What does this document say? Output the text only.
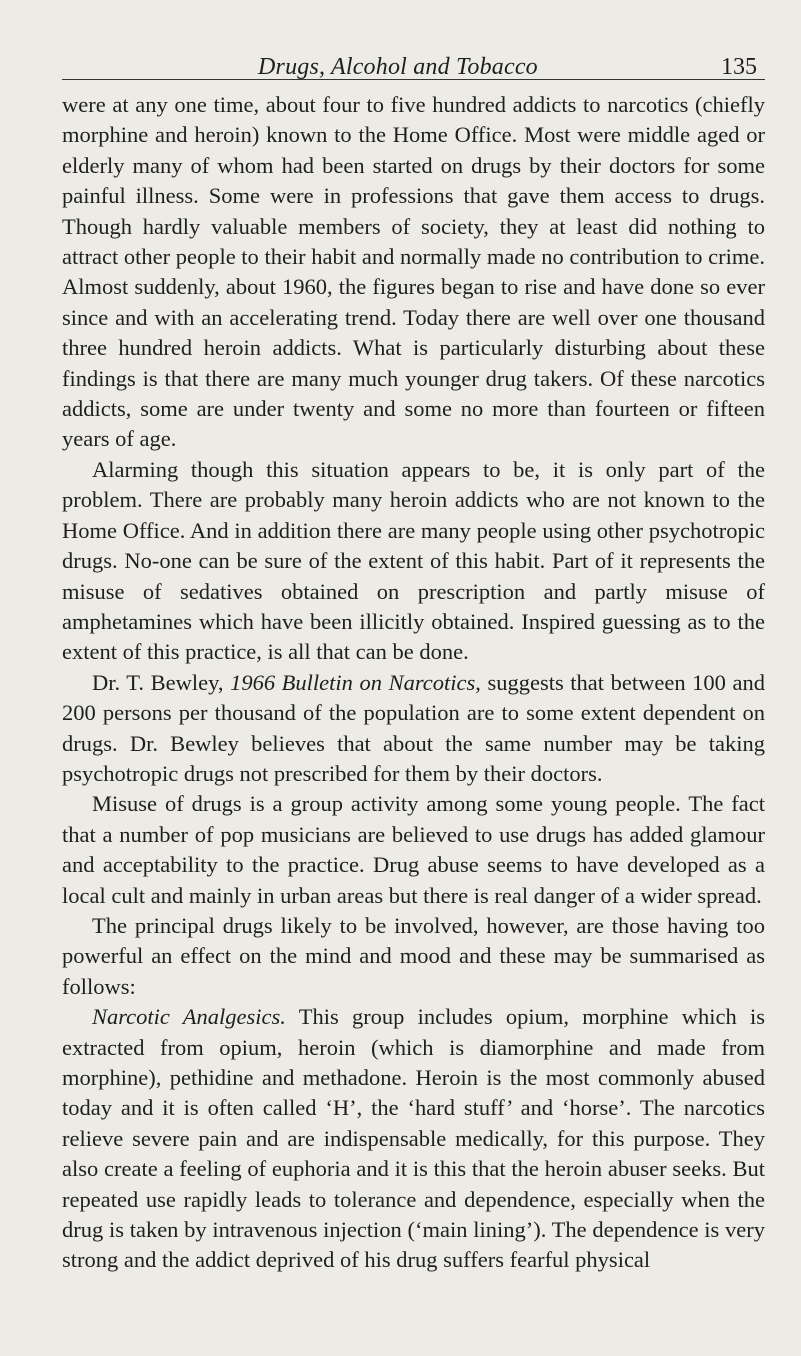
Drugs, Alcohol and Tobacco	135

were at any one time, about four to five hundred addicts to narcotics (chiefly morphine and heroin) known to the Home Office. Most were middle aged or elderly many of whom had been started on drugs by their doctors for some painful illness. Some were in professions that gave them access to drugs. Though hardly valuable members of society, they at least did nothing to attract other people to their habit and normally made no contribution to crime. Almost suddenly, about 1960, the figures began to rise and have done so ever since and with an accelerating trend. Today there are well over one thousand three hundred heroin addicts. What is particularly disturbing about these findings is that there are many much younger drug takers. Of these narcotics addicts, some are under twenty and some no more than fourteen or fifteen years of age.

Alarming though this situation appears to be, it is only part of the problem. There are probably many heroin addicts who are not known to the Home Office. And in addition there are many people using other psychotropic drugs. No-one can be sure of the extent of this habit. Part of it represents the misuse of sedatives obtained on prescription and partly misuse of amphetamines which have been illicitly obtained. Inspired guessing as to the extent of this practice, is all that can be done.

Dr. T. Bewley, 1966 Bulletin on Narcotics, suggests that between 100 and 200 persons per thousand of the population are to some extent dependent on drugs. Dr. Bewley believes that about the same number may be taking psychotropic drugs not prescribed for them by their doctors.

Misuse of drugs is a group activity among some young people. The fact that a number of pop musicians are believed to use drugs has added glamour and acceptability to the practice. Drug abuse seems to have developed as a local cult and mainly in urban areas but there is real danger of a wider spread.

The principal drugs likely to be involved, however, are those having too powerful an effect on the mind and mood and these may be summarised as follows:

Narcotic Analgesics. This group includes opium, morphine which is extracted from opium, heroin (which is diamorphine and made from morphine), pethidine and methadone. Heroin is the most commonly abused today and it is often called ‘H’, the ‘hard stuff’ and ‘horse’. The narcotics relieve severe pain and are indispensable medically, for this purpose. They also create a feeling of euphoria and it is this that the heroin abuser seeks. But repeated use rapidly leads to tolerance and dependence, especially when the drug is taken by intravenous injection (‘main lining’). The dependence is very strong and the addict deprived of his drug suffers fearful physical
